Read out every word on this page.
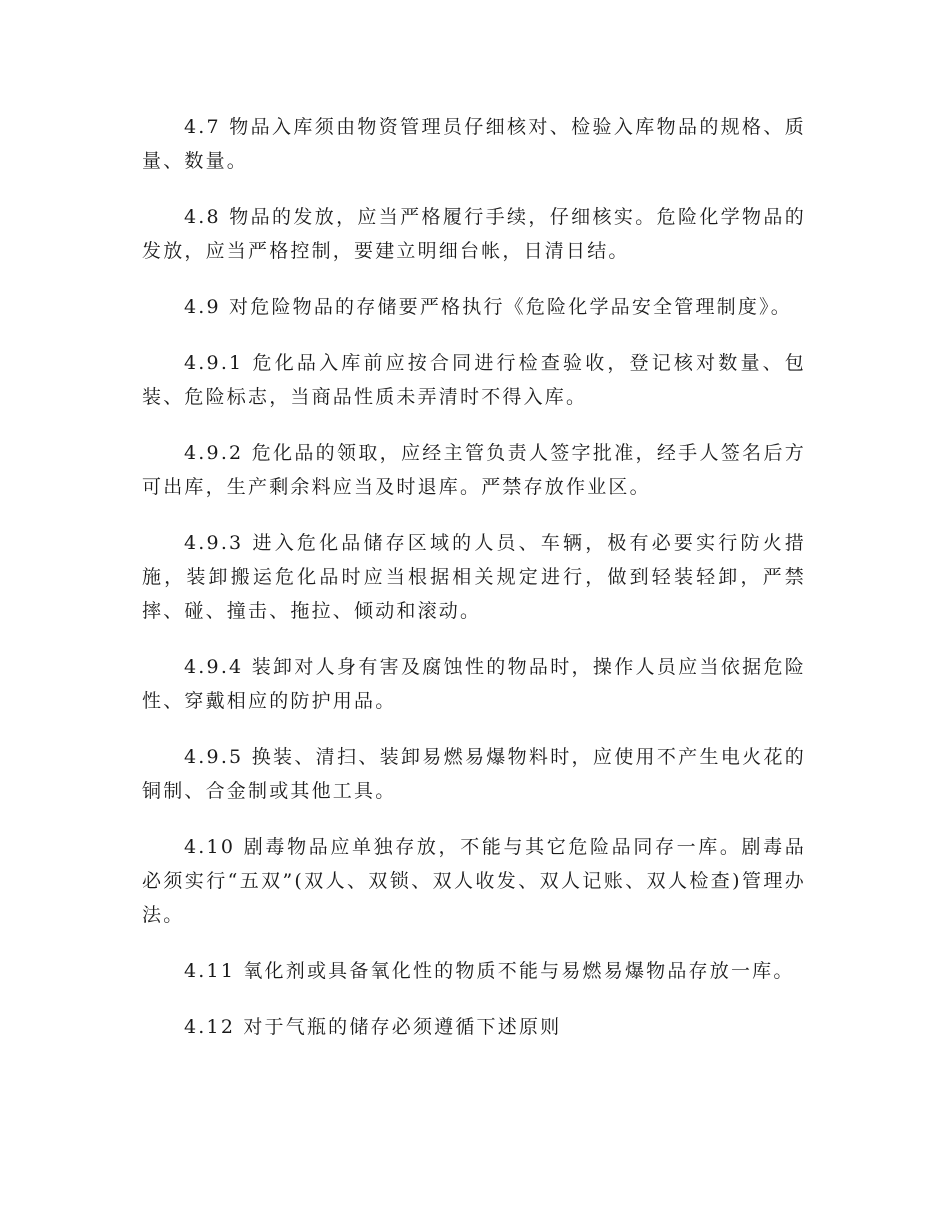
4.7 物品入库须由物资管理员仔细核对、检验入库物品的规格、质量、数量。

4.8 物品的发放，应当严格履行手续，仔细核实。危险化学物品的发放，应当严格控制，要建立明细台帐，日清日结。

4.9 对危险物品的存储要严格执行《危险化学品安全管理制度》。

4.9.1 危化品入库前应按合同进行检查验收，登记核对数量、包装、危险标志，当商品性质未弄清时不得入库。

4.9.2 危化品的领取，应经主管负责人签字批准，经手人签名后方可出库，生产剩余料应当及时退库。严禁存放作业区。

4.9.3 进入危化品储存区域的人员、车辆，极有必要实行防火措施，装卸搬运危化品时应当根据相关规定进行，做到轻装轻卸，严禁摔、碰、撞击、拖拉、倾动和滚动。

4.9.4 装卸对人身有害及腐蚀性的物品时，操作人员应当依据危险性、穿戴相应的防护用品。

4.9.5 换装、清扫、装卸易燃易爆物料时，应使用不产生电火花的铜制、合金制或其他工具。

4.10 剧毒物品应单独存放，不能与其它危险品同存一库。剧毒品必须实行“五双”(双人、双锁、双人收发、双人记账、双人检查)管理办法。

4.11 氧化剂或具备氧化性的物质不能与易燃易爆物品存放一库。

4.12 对于气瓶的储存必须遵循下述原则
